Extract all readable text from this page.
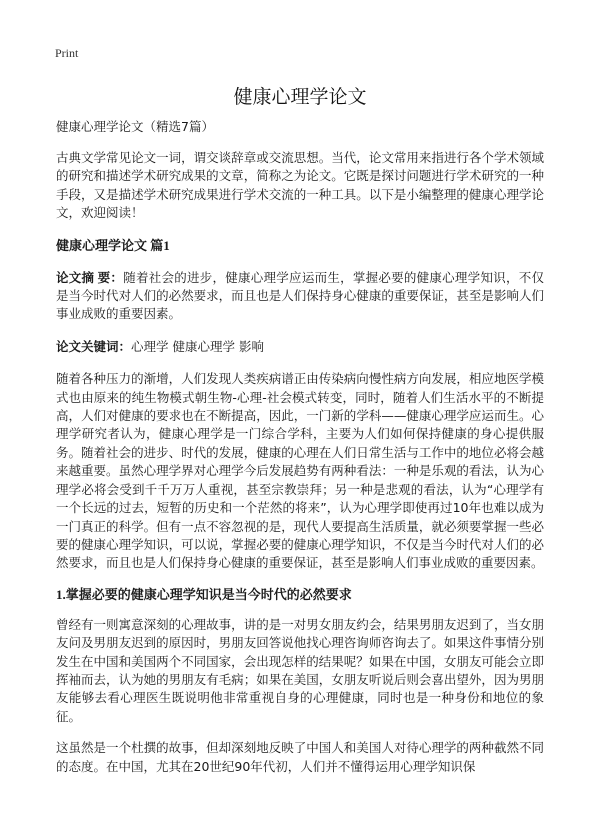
Print
健康心理学论文
健康心理学论文（精选7篇）

古典文学常见论文一词，谓交谈辞章或交流思想。当代，论文常用来指进行各个学术领域的研究和描述学术研究成果的文章，简称之为论文。它既是探讨问题进行学术研究的一种手段，又是描述学术研究成果进行学术交流的一种工具。以下是小编整理的健康心理学论文，欢迎阅读！

健康心理学论文 篇1

论文摘 要：随着社会的进步，健康心理学应运而生，掌握必要的健康心理学知识，不仅是当今时代对人们的必然要求，而且也是人们保持身心健康的重要保证，甚至是影响人们事业成败的重要因素。

论文关键词：心理学 健康心理学 影响

随着各种压力的渐增，人们发现人类疾病谱正由传染病向慢性病方向发展，相应地医学模式也由原来的纯生物模式朝生物-心理-社会模式转变，同时，随着人们生活水平的不断提高，人们对健康的要求也在不断提高，因此，一门新的学科——健康心理学应运而生。心理学研究者认为，健康心理学是一门综合学科，主要为人们如何保持健康的身心提供服务。随着社会的进步、时代的发展，健康的心理在人们日常生活与工作中的地位必将会越来越重要。虽然心理学界对心理学今后发展趋势有两种看法：一种是乐观的看法，认为心理学必将会受到千千万万人重视，甚至宗教崇拜；另一种是悲观的看法，认为“心理学有一个长远的过去，短暂的历史和一个茫然的将来”，认为心理学即使再过10年也难以成为一门真正的科学。但有一点不容忽视的是，现代人要提高生活质量，就必须要掌握一些必要的健康心理学知识，可以说，掌握必要的健康心理学知识，不仅是当今时代对人们的必然要求，而且也是人们保持身心健康的重要保证，甚至是影响人们事业成败的重要因素。

1.掌握必要的健康心理学知识是当今时代的必然要求

曾经有一则寓意深刻的心理故事，讲的是一对男女朋友约会，结果男朋友迟到了，当女朋友问及男朋友迟到的原因时，男朋友回答说他找心理咨询师咨询去了。如果这件事情分别发生在中国和美国两个不同国家，会出现怎样的结果呢？如果在中国，女朋友可能会立即挥袖而去，认为她的男朋友有毛病；如果在美国，女朋友听说后则会喜出望外，因为男朋友能够去看心理医生既说明他非常重视自身的心理健康，同时也是一种身份和地位的象征。

这虽然是一个杜撰的故事，但却深刻地反映了中国人和美国人对待心理学的两种截然不同的态度。在中国，尤其在20世纪90年代初，人们并不懂得运用心理学知识保
